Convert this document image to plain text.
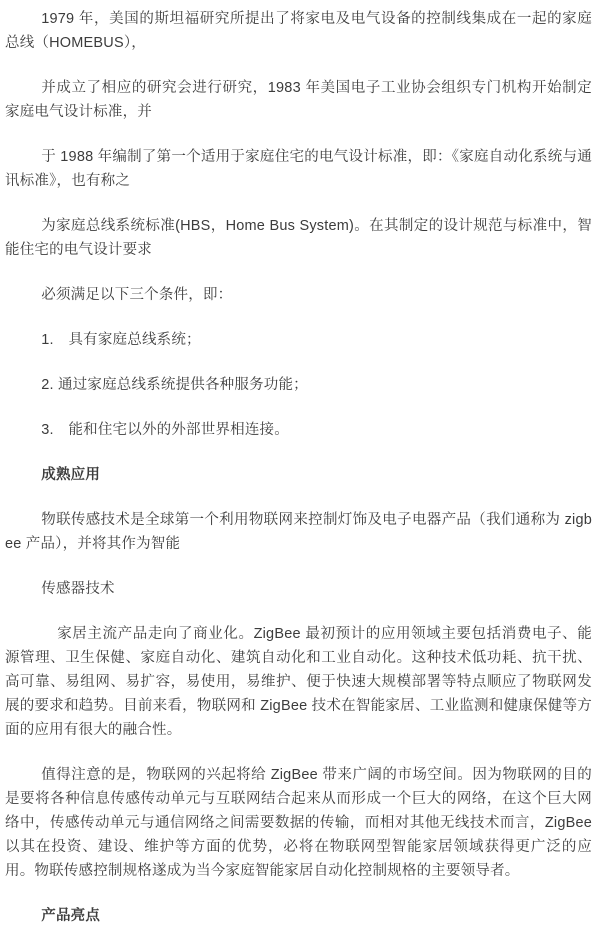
1979 年，美国的斯坦福研究所提出了将家电及电气设备的控制线集成在一起的家庭总线（HOMEBUS），

并成立了相应的研究会进行研究，1983 年美国电子工业协会组织专门机构开始制定家庭电气设计标准，并

于 1988 年编制了第一个适用于家庭住宅的电气设计标准，即：《家庭自动化系统与通讯标准》，也有称之

为家庭总线系统标准(HBS，Home Bus System)。在其制定的设计规范与标准中，智能住宅的电气设计要求

必须满足以下三个条件，即：

1.　具有家庭总线系统；

2. 通过家庭总线系统提供各种服务功能；

3.　能和住宅以外的外部世界相连接。

成熟应用

物联传感技术是全球第一个利用物联网来控制灯饰及电子电器产品（我们通称为 zigbee 产品），并将其作为智能

传感器技术

家居主流产品走向了商业化。ZigBee 最初预计的应用领域主要包括消费电子、能源管理、卫生保健、家庭自动化、建筑自动化和工业自动化。这种技术低功耗、抗干扰、高可靠、易组网、易扩容，易使用，易维护、便于快速大规模部署等特点顺应了物联网发展的要求和趋势。目前来看，物联网和 ZigBee 技术在智能家居、工业监测和健康保健等方面的应用有很大的融合性。

值得注意的是，物联网的兴起将给 ZigBee 带来广阔的市场空间。因为物联网的目的是要将各种信息传感传动单元与互联网结合起来从而形成一个巨大的网络，在这个巨大网络中，传感传动单元与通信网络之间需要数据的传输，而相对其他无线技术而言，ZigBee 以其在投资、建设、维护等方面的优势，必将在物联网型智能家居领域获得更广泛的应用。物联传感控制规格遂成为当今家庭智能家居自动化控制规格的主要领导者。

产品亮点
